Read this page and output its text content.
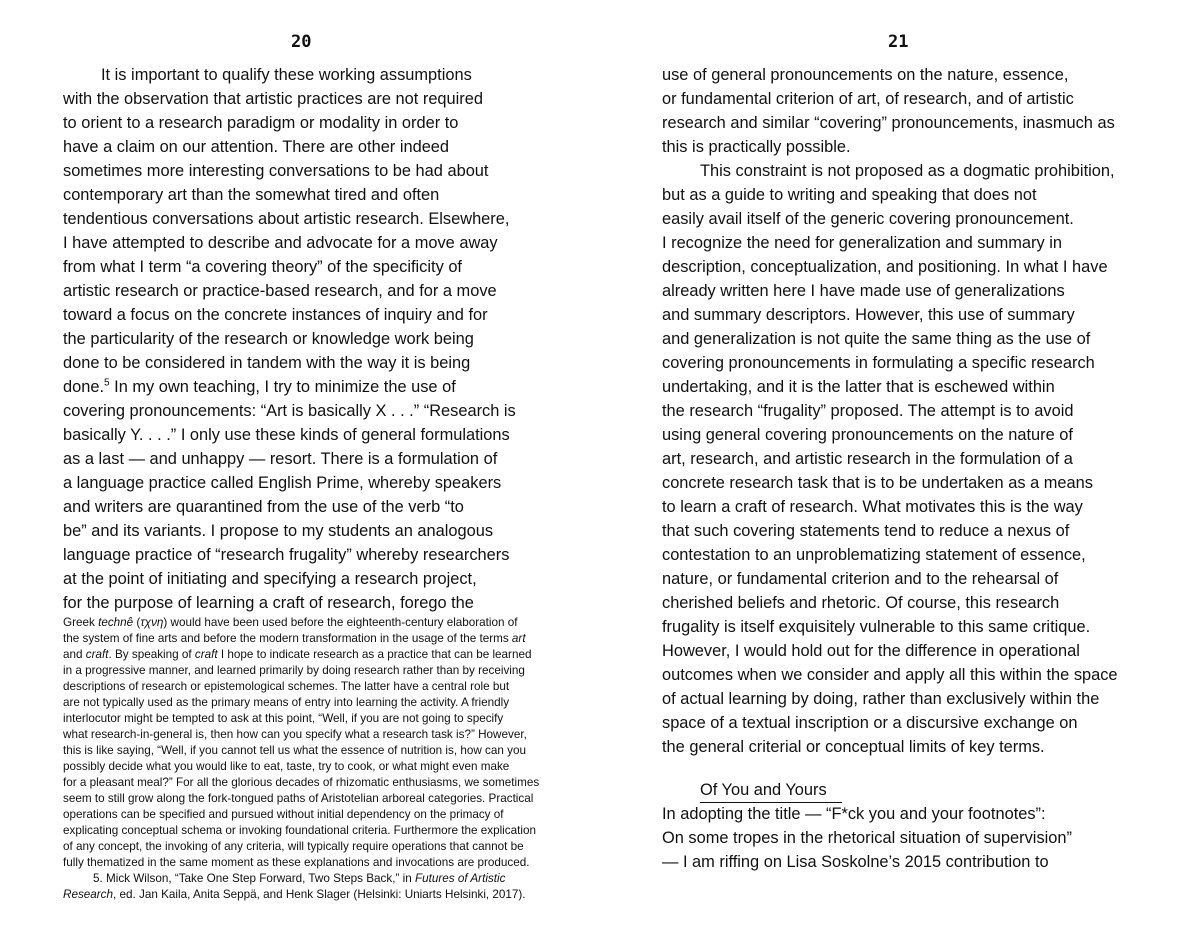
20	21
It is important to qualify these working assumptions
with the observation that artistic practices are not required
to orient to a research paradigm or modality in order to
have a claim on our attention. There are other indeed
sometimes more interesting conversations to be had about
contemporary art than the somewhat tired and often
tendentious conversations about artistic research. Elsewhere,
I have attempted to describe and advocate for a move away
from what I term “a covering theory” of the specificity of
artistic research or practice-based research, and for a move
toward a focus on the concrete instances of inquiry and for
the particularity of the research or knowledge work being
done to be considered in tandem with the way it is being
done.$^5$ In my own teaching, I try to minimize the use of
covering pronouncements: “Art is basically X . . .” “Research is
basically Y. . . .” I only use these kinds of general formulations
as a last — and unhappy — resort. There is a formulation of
a language practice called English Prime, whereby speakers
and writers are quarantined from the use of the verb “to
be” and its variants. I propose to my students an analogous
language practice of “research frugality” whereby researchers
at the point of initiating and specifying a research project,
for the purpose of learning a craft of research, forego the
Greek technê (τχνη) would have been used before the eighteenth-century elaboration of
the system of fine arts and before the modern transformation in the usage of the terms art
and craft. By speaking of craft I hope to indicate research as a practice that can be learned
in a progressive manner, and learned primarily by doing research rather than by receiving
descriptions of research or epistemological schemes. The latter have a central role but
are not typically used as the primary means of entry into learning the activity. A friendly
interlocutor might be tempted to ask at this point, “Well, if you are not going to specify
what research-in-general is, then how can you specify what a research task is?” However,
this is like saying, “Well, if you cannot tell us what the essence of nutrition is, how can you
possibly decide what you would like to eat, taste, try to cook, or what might even make
for a pleasant meal?” For all the glorious decades of rhizomatic enthusiasms, we sometimes
seem to still grow along the fork-tongued paths of Aristotelian arboreal categories. Practical
operations can be specified and pursued without initial dependency on the primacy of
explicating conceptual schema or invoking foundational criteria. Furthermore the explication
of any concept, the invoking of any criteria, will typically require operations that cannot be
fully thematized in the same moment as these explanations and invocations are produced.
5. Mick Wilson, “Take One Step Forward, Two Steps Back,” in Futures of Artistic
Research, ed. Jan Kaila, Anita Seppä, and Henk Slager (Helsinki: Uniarts Helsinki, 2017).
use of general pronouncements on the nature, essence,
or fundamental criterion of art, of research, and of artistic
research and similar “covering” pronouncements, inasmuch as
this is practically possible.
This constraint is not proposed as a dogmatic prohibition,
but as a guide to writing and speaking that does not
easily avail itself of the generic covering pronouncement.
I recognize the need for generalization and summary in
description, conceptualization, and positioning. In what I have
already written here I have made use of generalizations
and summary descriptors. However, this use of summary
and generalization is not quite the same thing as the use of
covering pronouncements in formulating a specific research
undertaking, and it is the latter that is eschewed within
the research “frugality” proposed. The attempt is to avoid
using general covering pronouncements on the nature of
art, research, and artistic research in the formulation of a
concrete research task that is to be undertaken as a means
to learn a craft of research. What motivates this is the way
that such covering statements tend to reduce a nexus of
contestation to an unproblematizing statement of essence,
nature, or fundamental criterion and to the rehearsal of
cherished beliefs and rhetoric. Of course, this research
frugality is itself exquisitely vulnerable to this same critique.
However, I would hold out for the difference in operational
outcomes when we consider and apply all this within the space
of actual learning by doing, rather than exclusively within the
space of a textual inscription or a discursive exchange on
the general criterial or conceptual limits of key terms.
Of You and Yours
In adopting the title — “F*ck you and your footnotes”:
On some tropes in the rhetorical situation of supervision”
— I am riffing on Lisa Soskolne’s 2015 contribution to
